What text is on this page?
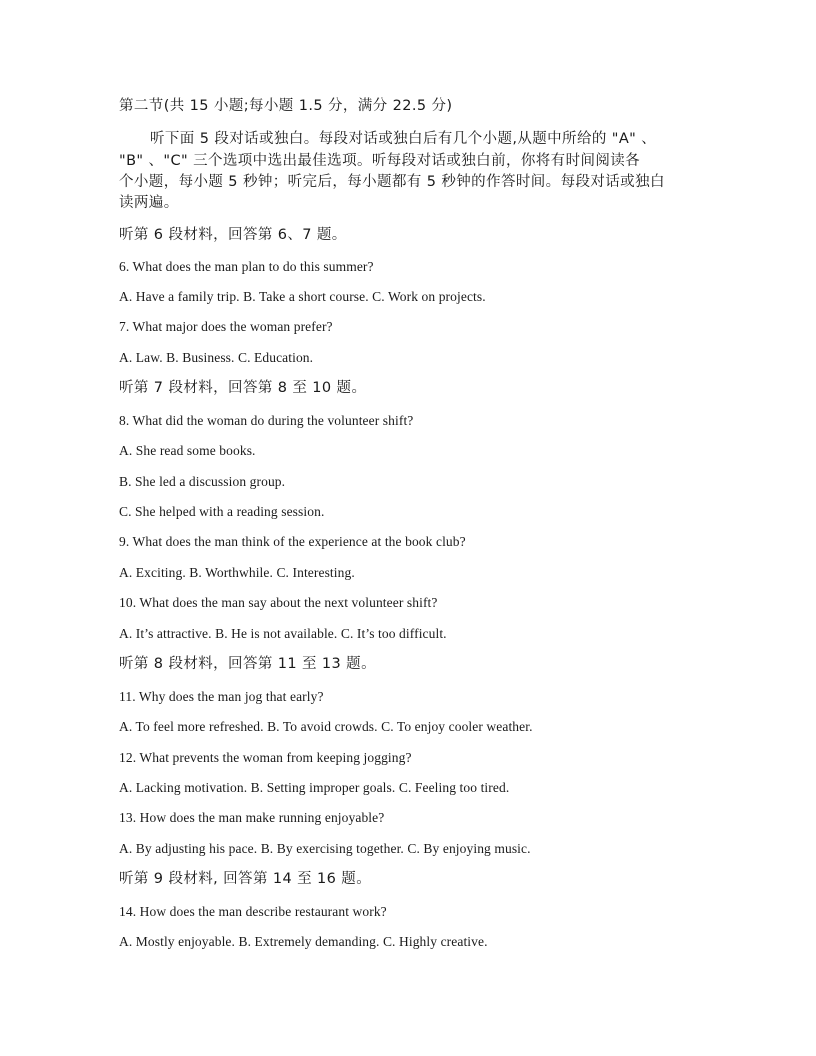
第二节(共 15 小题;每小题 1.5 分，满分 22.5 分)
听下面 5 段对话或独白。每段对话或独白后有几个小题,从题中所给的 "A" 、
"B" 、"C" 三个选项中选出最佳选项。听每段对话或独白前，你将有时间阅读各
个小题，每小题 5 秒钟；听完后，每小题都有 5 秒钟的作答时间。每段对话或独白
读两遍。
听第 6 段材料，回答第 6、7 题。
6. What does the man plan to do this summer?
A. Have a family trip. B. Take a short course. C. Work on projects.
7. What major does the woman prefer?
A. Law. B. Business. C. Education.
听第 7 段材料，回答第 8 至 10 题。
8. What did the woman do during the volunteer shift?
A. She read some books.
B. She led a discussion group.
C. She helped with a reading session.
9. What does the man think of the experience at the book club?
A. Exciting. B. Worthwhile. C. Interesting.
10. What does the man say about the next volunteer shift?
A. It’s attractive. B. He is not available. C. It’s too difficult.
听第 8 段材料，回答第 11 至 13 题。
11. Why does the man jog that early?
A. To feel more refreshed. B. To avoid crowds. C. To enjoy cooler weather.
12. What prevents the woman from keeping jogging?
A. Lacking motivation. B. Setting improper goals. C. Feeling too tired.
13. How does the man make running enjoyable?
A. By adjusting his pace. B. By exercising together. C. By enjoying music.
听第 9 段材料, 回答第 14 至 16 题。
14. How does the man describe restaurant work?
A. Mostly enjoyable. B. Extremely demanding. C. Highly creative.
